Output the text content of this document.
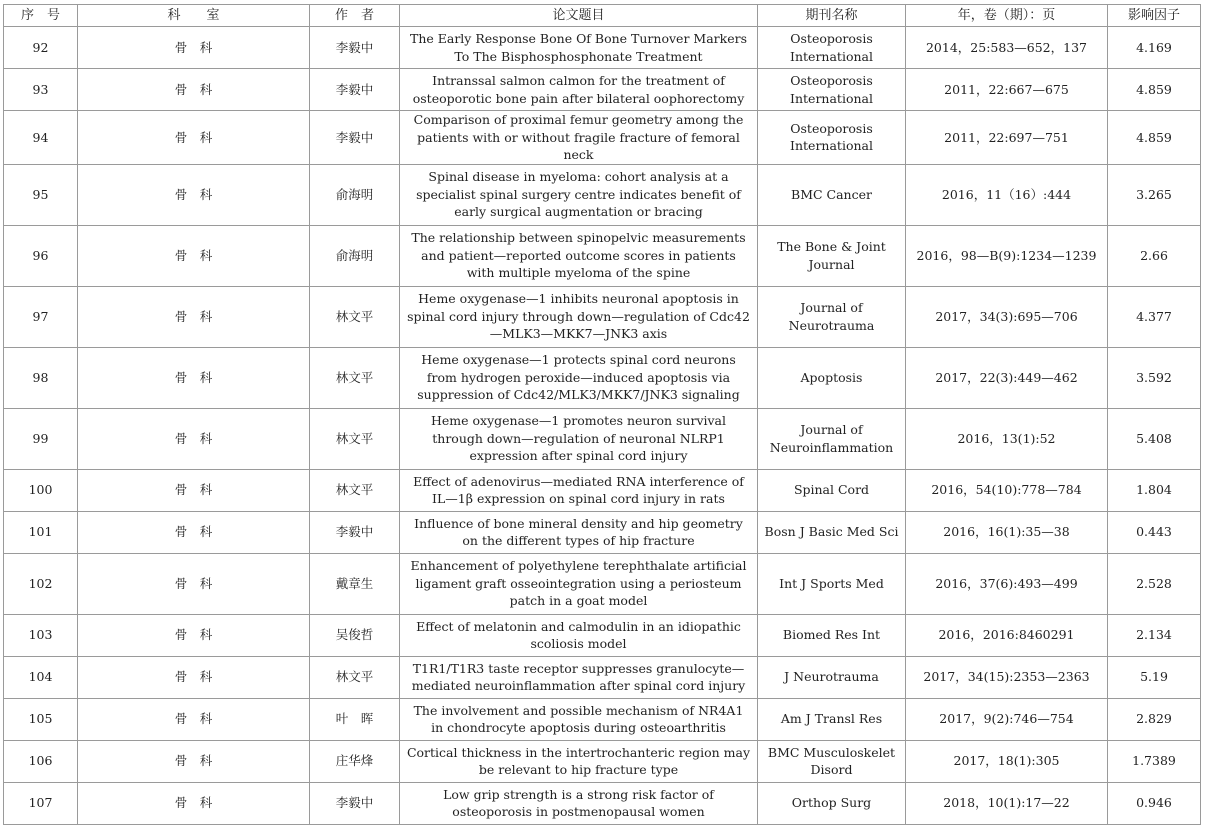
序　号	科　　室	作　者	论文题目	期刊名称	年，卷（期）：页	影响因子
92	骨　科	李毅中	The Early Response Bone Of Bone Turnover Markers To The Bisphosphosphonate Treatment	Osteoporosis International	2014，25:583—652，137	4.169
93	骨　科	李毅中	Intranssal salmon calmon for the treatment of osteoporotic bone pain after bilateral oophorectomy	Osteoporosis International	2011，22:667—675	4.859
94	骨　科	李毅中	Comparison of proximal femur geometry among the patients with or without fragile fracture of femoral neck	Osteoporosis International	2011，22:697—751	4.859
95	骨　科	俞海明	Spinal disease in myeloma: cohort analysis at a specialist spinal surgery centre indicates benefit of early surgical augmentation or bracing	BMC Cancer	2016，11（16）:444	3.265
96	骨　科	俞海明	The relationship between spinopelvic measurements and patient—reported outcome scores in patients with multiple myeloma of the spine	The Bone & Joint Journal	2016，98—B(9):1234—1239	2.66
97	骨　科	林文平	Heme oxygenase—1 inhibits neuronal apoptosis in spinal cord injury through down—regulation of Cdc42—MLK3—MKK7—JNK3 axis	Journal of Neurotrauma	2017，34(3):695—706	4.377
98	骨　科	林文平	Heme oxygenase—1 protects spinal cord neurons from hydrogen peroxide—induced apoptosis via suppression of Cdc42/MLK3/MKK7/JNK3 signaling	Apoptosis	2017，22(3):449—462	3.592
99	骨　科	林文平	Heme oxygenase—1 promotes neuron survival through down—regulation of neuronal NLRP1 expression after spinal cord injury	Journal of Neuroinflammation	2016，13(1):52	5.408
100	骨　科	林文平	Effect of adenovirus—mediated RNA interference of IL—1β expression on spinal cord injury in rats	Spinal Cord	2016，54(10):778—784	1.804
101	骨　科	李毅中	Influence of bone mineral density and hip geometry on the different types of hip fracture	Bosn J Basic Med Sci	2016，16(1):35—38	0.443
102	骨　科	戴章生	Enhancement of polyethylene terephthalate artificial ligament graft osseointegration using a periosteum patch in a goat model	Int J Sports Med	2016，37(6):493—499	2.528
103	骨　科	吴俊哲	Effect of melatonin and calmodulin in an idiopathic scoliosis model	Biomed Res Int	2016，2016:8460291	2.134
104	骨　科	林文平	T1R1/T1R3 taste receptor suppresses granulocyte—mediated neuroinflammation after spinal cord injury	J Neurotrauma	2017，34(15):2353—2363	5.19
105	骨　科	叶　晖	The involvement and possible mechanism of NR4A1 in chondrocyte apoptosis during osteoarthritis	Am J Transl Res	2017，9(2):746—754	2.829
106	骨　科	庄华烽	Cortical thickness in the intertrochanteric region may be relevant to hip fracture type	BMC Musculoskelet Disord	2017，18(1):305	1.7389
107	骨　科	李毅中	Low grip strength is a strong risk factor of osteoporosis in postmenopausal women	Orthop Surg	2018，10(1):17—22	0.946
